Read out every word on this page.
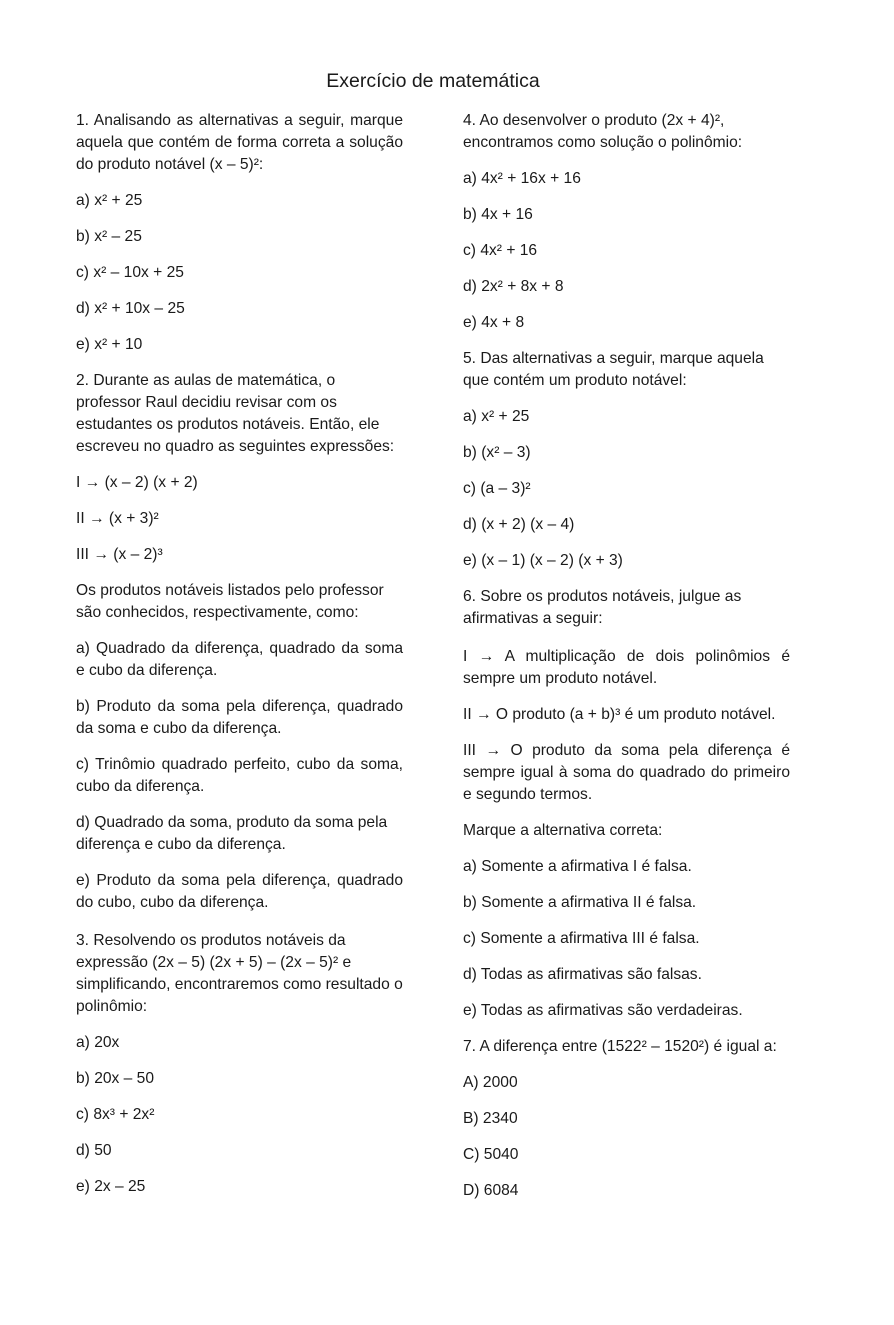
Exercício de matemática

1. Analisando as alternativas a seguir, marque aquela que contém de forma correta a solução do produto notável (x – 5)²:

a) x² + 25

b) x² – 25

c) x² – 10x + 25

d) x² + 10x – 25

e) x² + 10

2. Durante as aulas de matemática, o professor Raul decidiu revisar com os estudantes os produtos notáveis. Então, ele escreveu no quadro as seguintes expressões:

I → (x – 2) (x + 2)

II → (x + 3)²

III → (x – 2)³

Os produtos notáveis listados pelo professor são conhecidos, respectivamente, como:

a) Quadrado da diferença, quadrado da soma e cubo da diferença.

b) Produto da soma pela diferença, quadrado da soma e cubo da diferença.

c) Trinômio quadrado perfeito, cubo da soma, cubo da diferença.

d) Quadrado da soma, produto da soma pela diferença e cubo da diferença.

e) Produto da soma pela diferença, quadrado do cubo, cubo da diferença.

3. Resolvendo os produtos notáveis da expressão (2x – 5) (2x + 5) – (2x – 5)² e simplificando, encontraremos como resultado o polinômio:

a) 20x

b) 20x – 50

c) 8x³ + 2x²

d) 50

e) 2x – 25

4. Ao desenvolver o produto (2x + 4)², encontramos como solução o polinômio:

a) 4x² + 16x + 16

b) 4x + 16

c) 4x² + 16

d) 2x² + 8x + 8

e) 4x + 8

5. Das alternativas a seguir, marque aquela que contém um produto notável:

a) x² + 25

b) (x² – 3)

c) (a – 3)²

d) (x + 2) (x – 4)

e) (x – 1) (x – 2) (x + 3)

6. Sobre os produtos notáveis, julgue as afirmativas a seguir:

I → A multiplicação de dois polinômios é sempre um produto notável.

II → O produto (a + b)³ é um produto notável.

III → O produto da soma pela diferença é sempre igual à soma do quadrado do primeiro e segundo termos.

Marque a alternativa correta:

a) Somente a afirmativa I é falsa.

b) Somente a afirmativa II é falsa.

c) Somente a afirmativa III é falsa.

d) Todas as afirmativas são falsas.

e) Todas as afirmativas são verdadeiras.

7. A diferença entre (1522² – 1520²) é igual a:

A) 2000

B) 2340

C) 5040

D) 6084
